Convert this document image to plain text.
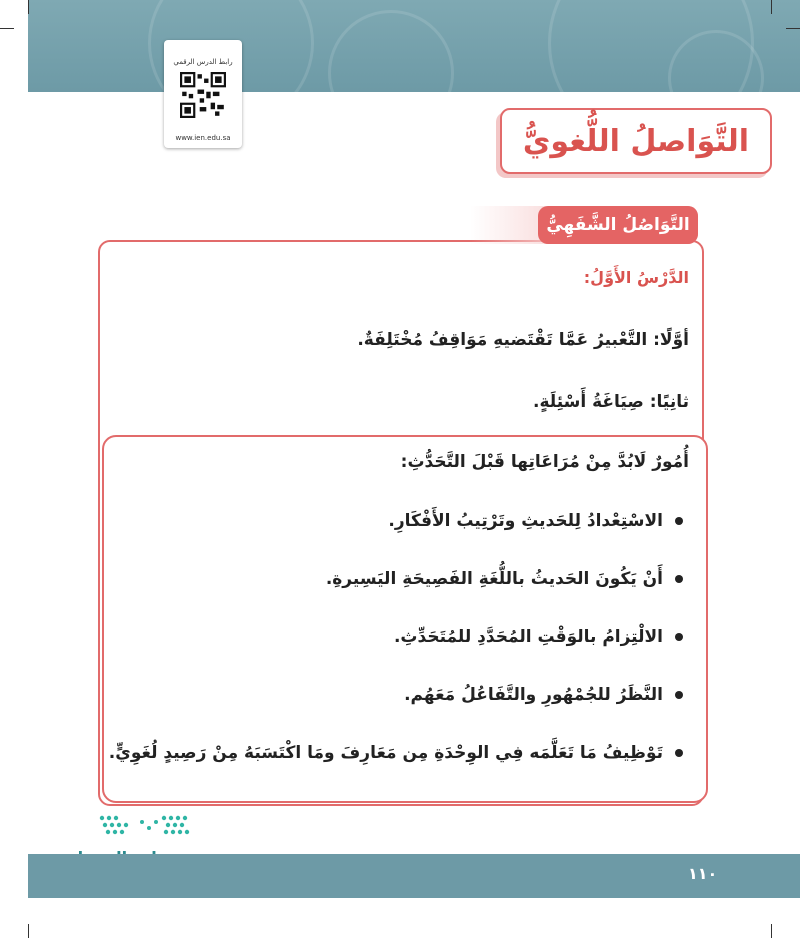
رابط الدرس الرقمي
www.ien.edu.sa	التَّوَاصلُ اللُّغويُّ
التَّوَاصُلُ الشَّفَهِيُّ
الدَّرْسُ الأَوَّلُ:
أوَّلًا: التَّعْبيرُ عَمَّا تَقْتَضيهِ مَوَاقِفُ مُخْتَلِفَةٌ.
ثانِيًا: صِيَاغَةُ أَسْئِلَةٍ.
أُمُورٌ لَابُدَّ مِنْ مُرَاعَاتِها قَبْلَ التَّحَدُّثِ:
الاسْتِعْدادُ لِلحَديثِ وتَرْتِيبُ الأَفْكَارِ.
أَنْ يَكُونَ الحَديثُ باللُّغَةِ الفَصِيحَةِ اليَسِيرةِ.
الالْتِزامُ بالوَقْتِ المُحَدَّدِ للمُتَحَدِّثِ.
النَّظَرُ للجُمْهُورِ والتَّفَاعُلُ مَعَهُم.
تَوْظِيفُ مَا تَعَلَّمَه فِي الوِحْدَةِ مِن مَعَارِفَ ومَا اكْتَسَبَهُ مِنْ رَصِيدٍ لُغَوِيٍّ.
١١٠
